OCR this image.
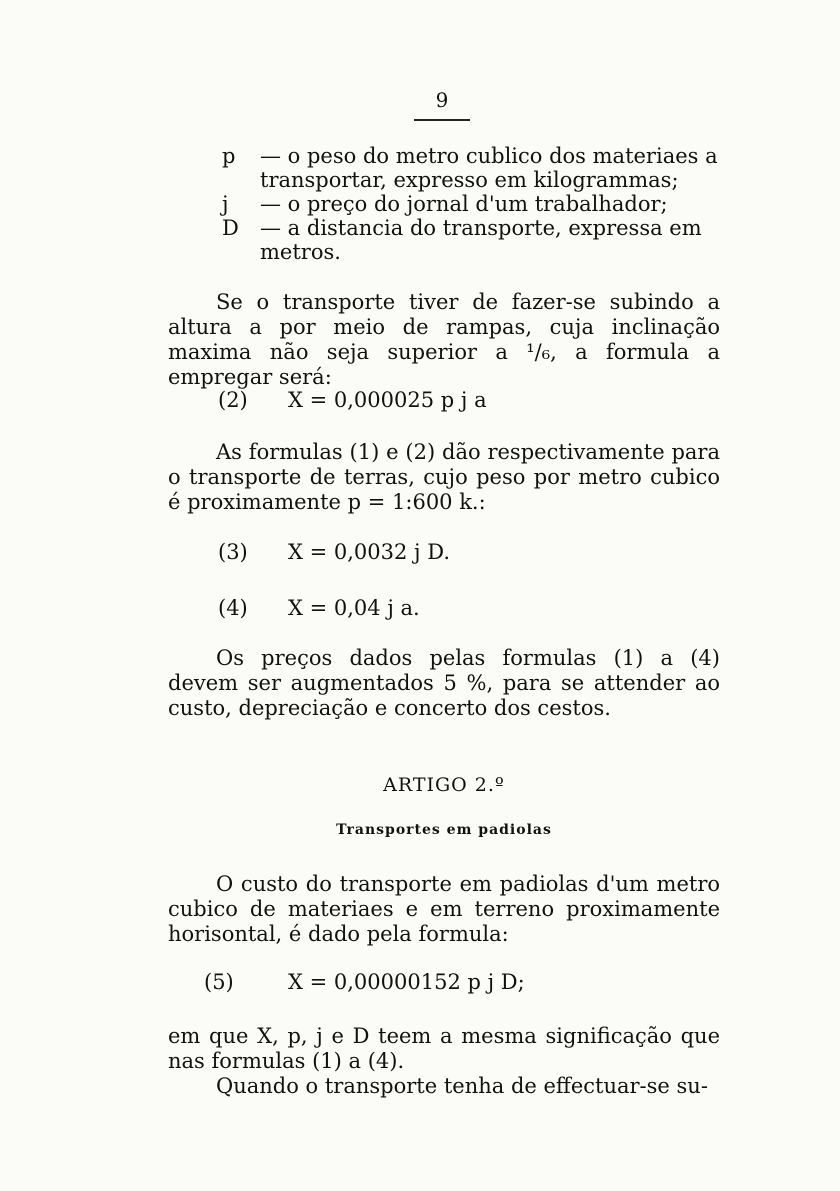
9
p	— o peso do metro cublico dos materiaes a transportar, expresso em kilogrammas;
j	— o preço do jornal d'um trabalhador;
D	— a distancia do transporte, expressa em metros.
Se o transporte tiver de fazer-se subindo a altura a por meio de rampas, cuja inclinação maxima não seja superior a ¹/₆, a formula a empregar será:
(2) X = 0,000025 p j a
As formulas (1) e (2) dão respectivamente para o transporte de terras, cujo peso por metro cubico é proximamente p = 1:600 k.:
(3) X = 0,0032 j D.
(4) X = 0,04 j a.
Os preços dados pelas formulas (1) a (4) devem ser augmentados 5 %, para se attender ao custo, depreciação e concerto dos cestos.
ARTIGO 2.º
Transportes em padiolas
O custo do transporte em padiolas d'um metro cubico de materiaes e em terreno proximamente horisontal, é dado pela formula:
(5)	X = 0,00000152 p j D;
em que X, p, j e D teem a mesma significação que nas formulas (1) a (4).
Quando o transporte tenha de effectuar-se su-
